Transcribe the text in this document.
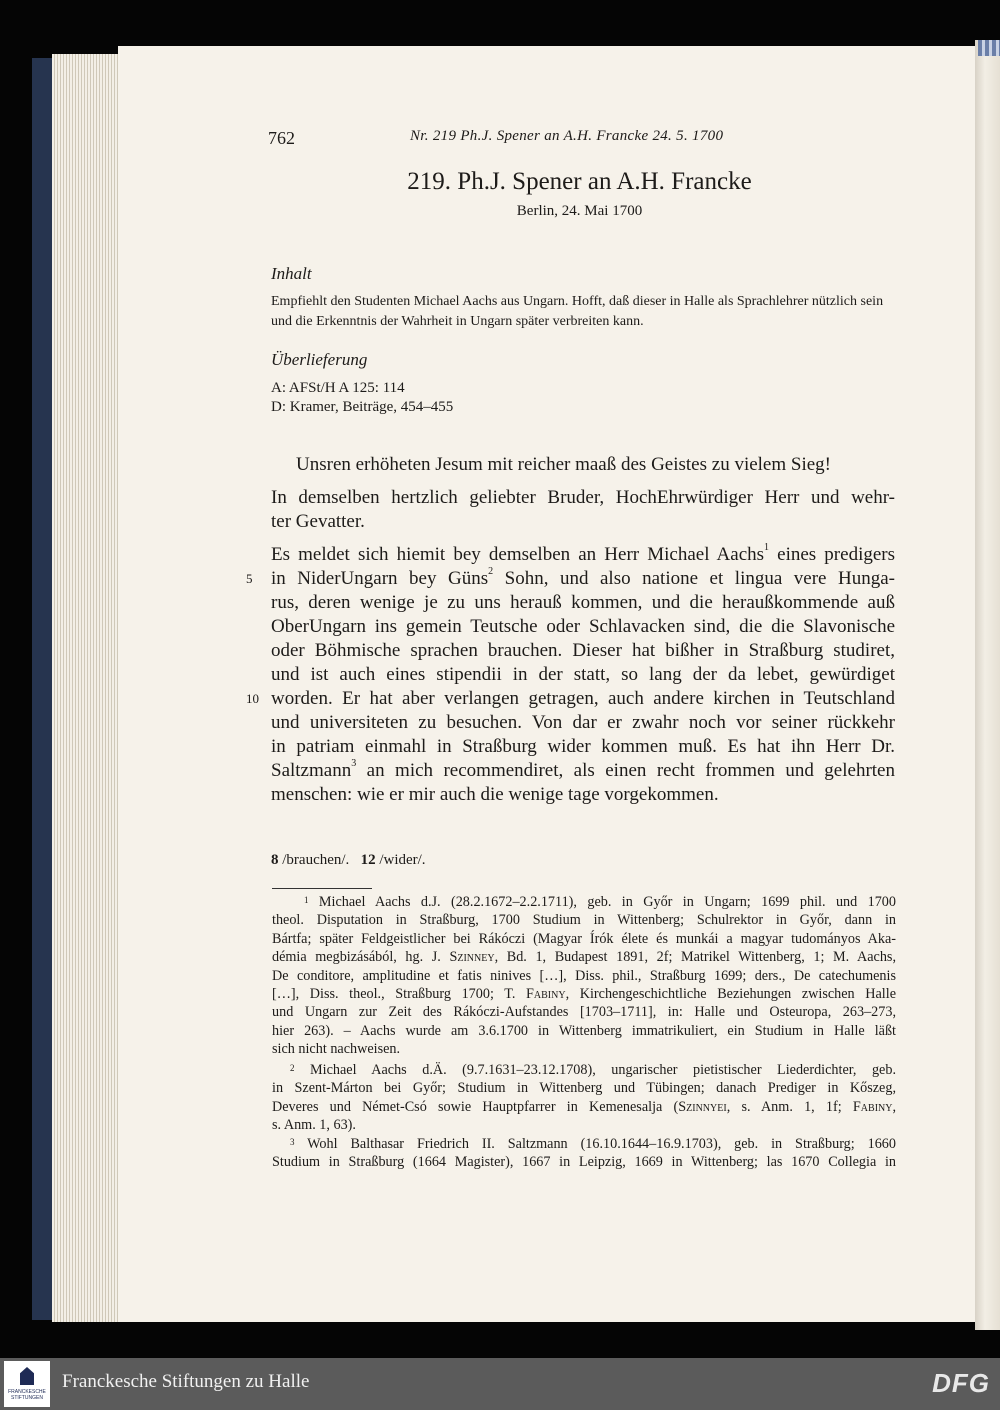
762	Nr. 219 Ph.J. Spener an A.H. Francke 24. 5. 1700
219. Ph.J. Spener an A.H. Francke
Berlin, 24. Mai 1700
Inhalt
Empfiehlt den Studenten Michael Aachs aus Ungarn. Hofft, daß dieser in Halle als Sprachlehrer nützlich sein und die Erkenntnis der Wahrheit in Ungarn später verbreiten kann.
Überlieferung
A: AFSt/H A 125: 114
D: Kramer, Beiträge, 454–455
Unsren erhöheten Jesum mit reicher maaß des Geistes zu vielem Sieg!
In demselben hertzlich geliebter Bruder, HochEhrwürdiger Herr und wehr-
ter Gevatter.
Es meldet sich hiemit bey demselben an Herr Michael Aachs$^1$ eines predigers
in NiderUngarn bey Güns$^2$ Sohn, und also natione et lingua vere Hunga-
rus, deren wenige je zu uns herauß kommen, und die heraußkommende auß
OberUngarn ins gemein Teutsche oder Schlavacken sind, die die Slavonische
oder Böhmische sprachen brauchen. Dieser hat bißher in Straßburg studiret,
und ist auch eines stipendii in der statt, so lang der da lebet, gewürdiget
worden. Er hat aber verlangen getragen, auch andere kirchen in Teutschland
und universiteten zu besuchen. Von dar er zwahr noch vor seiner rückkehr
in patriam einmahl in Straßburg wider kommen muß. Es hat ihn Herr Dr.
Saltzmann$^3$ an mich recommendiret, als einen recht frommen und gelehrten
menschen: wie er mir auch die wenige tage vorgekommen.
5
10
8 /brauchen/. 12 /wider/.
$^1$ Michael Aachs d.J. (28.2.1672–2.2.1711), geb. in Győr in Ungarn; 1699 phil. und 1700
theol. Disputation in Straßburg, 1700 Studium in Wittenberg; Schulrektor in Győr, dann in
Bártfa; später Feldgeistlicher bei Rákóczi (Magyar Írók élete és munkái a magyar tudományos Aka-
démia megbizásából, hg. J. Szinney, Bd. 1, Budapest 1891, 2f; Matrikel Wittenberg, 1; M. Aachs,
De conditore, amplitudine et fatis ninives […], Diss. phil., Straßburg 1699; ders., De catechumenis
[…], Diss. theol., Straßburg 1700; T. Fabiny, Kirchengeschichtliche Beziehungen zwischen Halle
und Ungarn zur Zeit des Rákóczi-Aufstandes [1703–1711], in: Halle und Osteuropa, 263–273,
hier 263). – Aachs wurde am 3.6.1700 in Wittenberg immatrikuliert, ein Studium in Halle läßt
sich nicht nachweisen.
$^2$ Michael Aachs d.Ä. (9.7.1631–23.12.1708), ungarischer pietistischer Liederdichter, geb.
in Szent-Márton bei Győr; Studium in Wittenberg und Tübingen; danach Prediger in Kőszeg,
Deveres und Német-Csó sowie Hauptpfarrer in Kemenesalja (Szinnyei, s. Anm. 1, 1f; Fabiny,
s. Anm. 1, 63).
$^3$ Wohl Balthasar Friedrich II. Saltzmann (16.10.1644–16.9.1703), geb. in Straßburg; 1660
Studium in Straßburg (1664 Magister), 1667 in Leipzig, 1669 in Wittenberg; las 1670 Collegia in
FRANCKESCHE STIFTUNGEN
Franckesche Stiftungen zu Halle	DFG
